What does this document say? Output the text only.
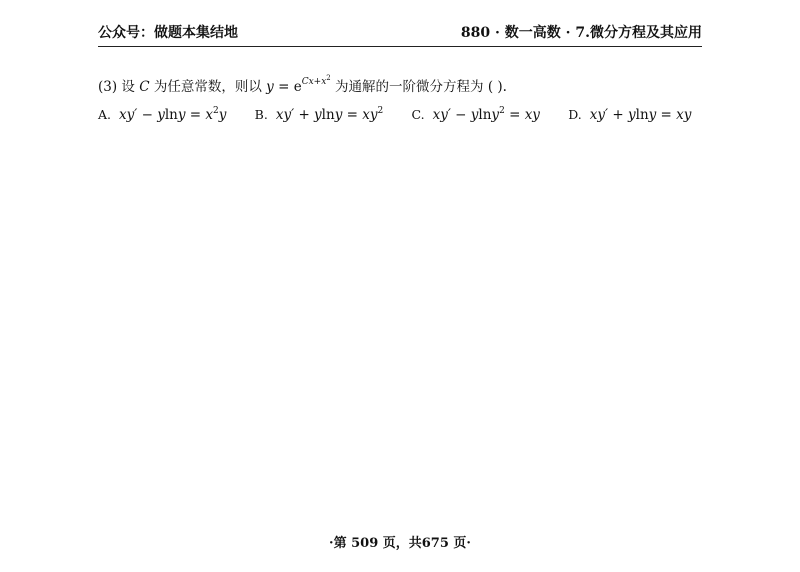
公众号：做题本集结地	880 · 数一高数 · 7.微分方程及其应用
(3) 设 C 为任意常数，则以 $y = e^{Cx+x^2}$ 为通解的一阶微分方程为 ( ).
A. $xy' - ylny = x^2y$ B. $xy' + ylny = xy^2$ C. xy′ − ylny$^2$ = xy D. xy′ + ylny = xy
·第 509 页，共675 页·
